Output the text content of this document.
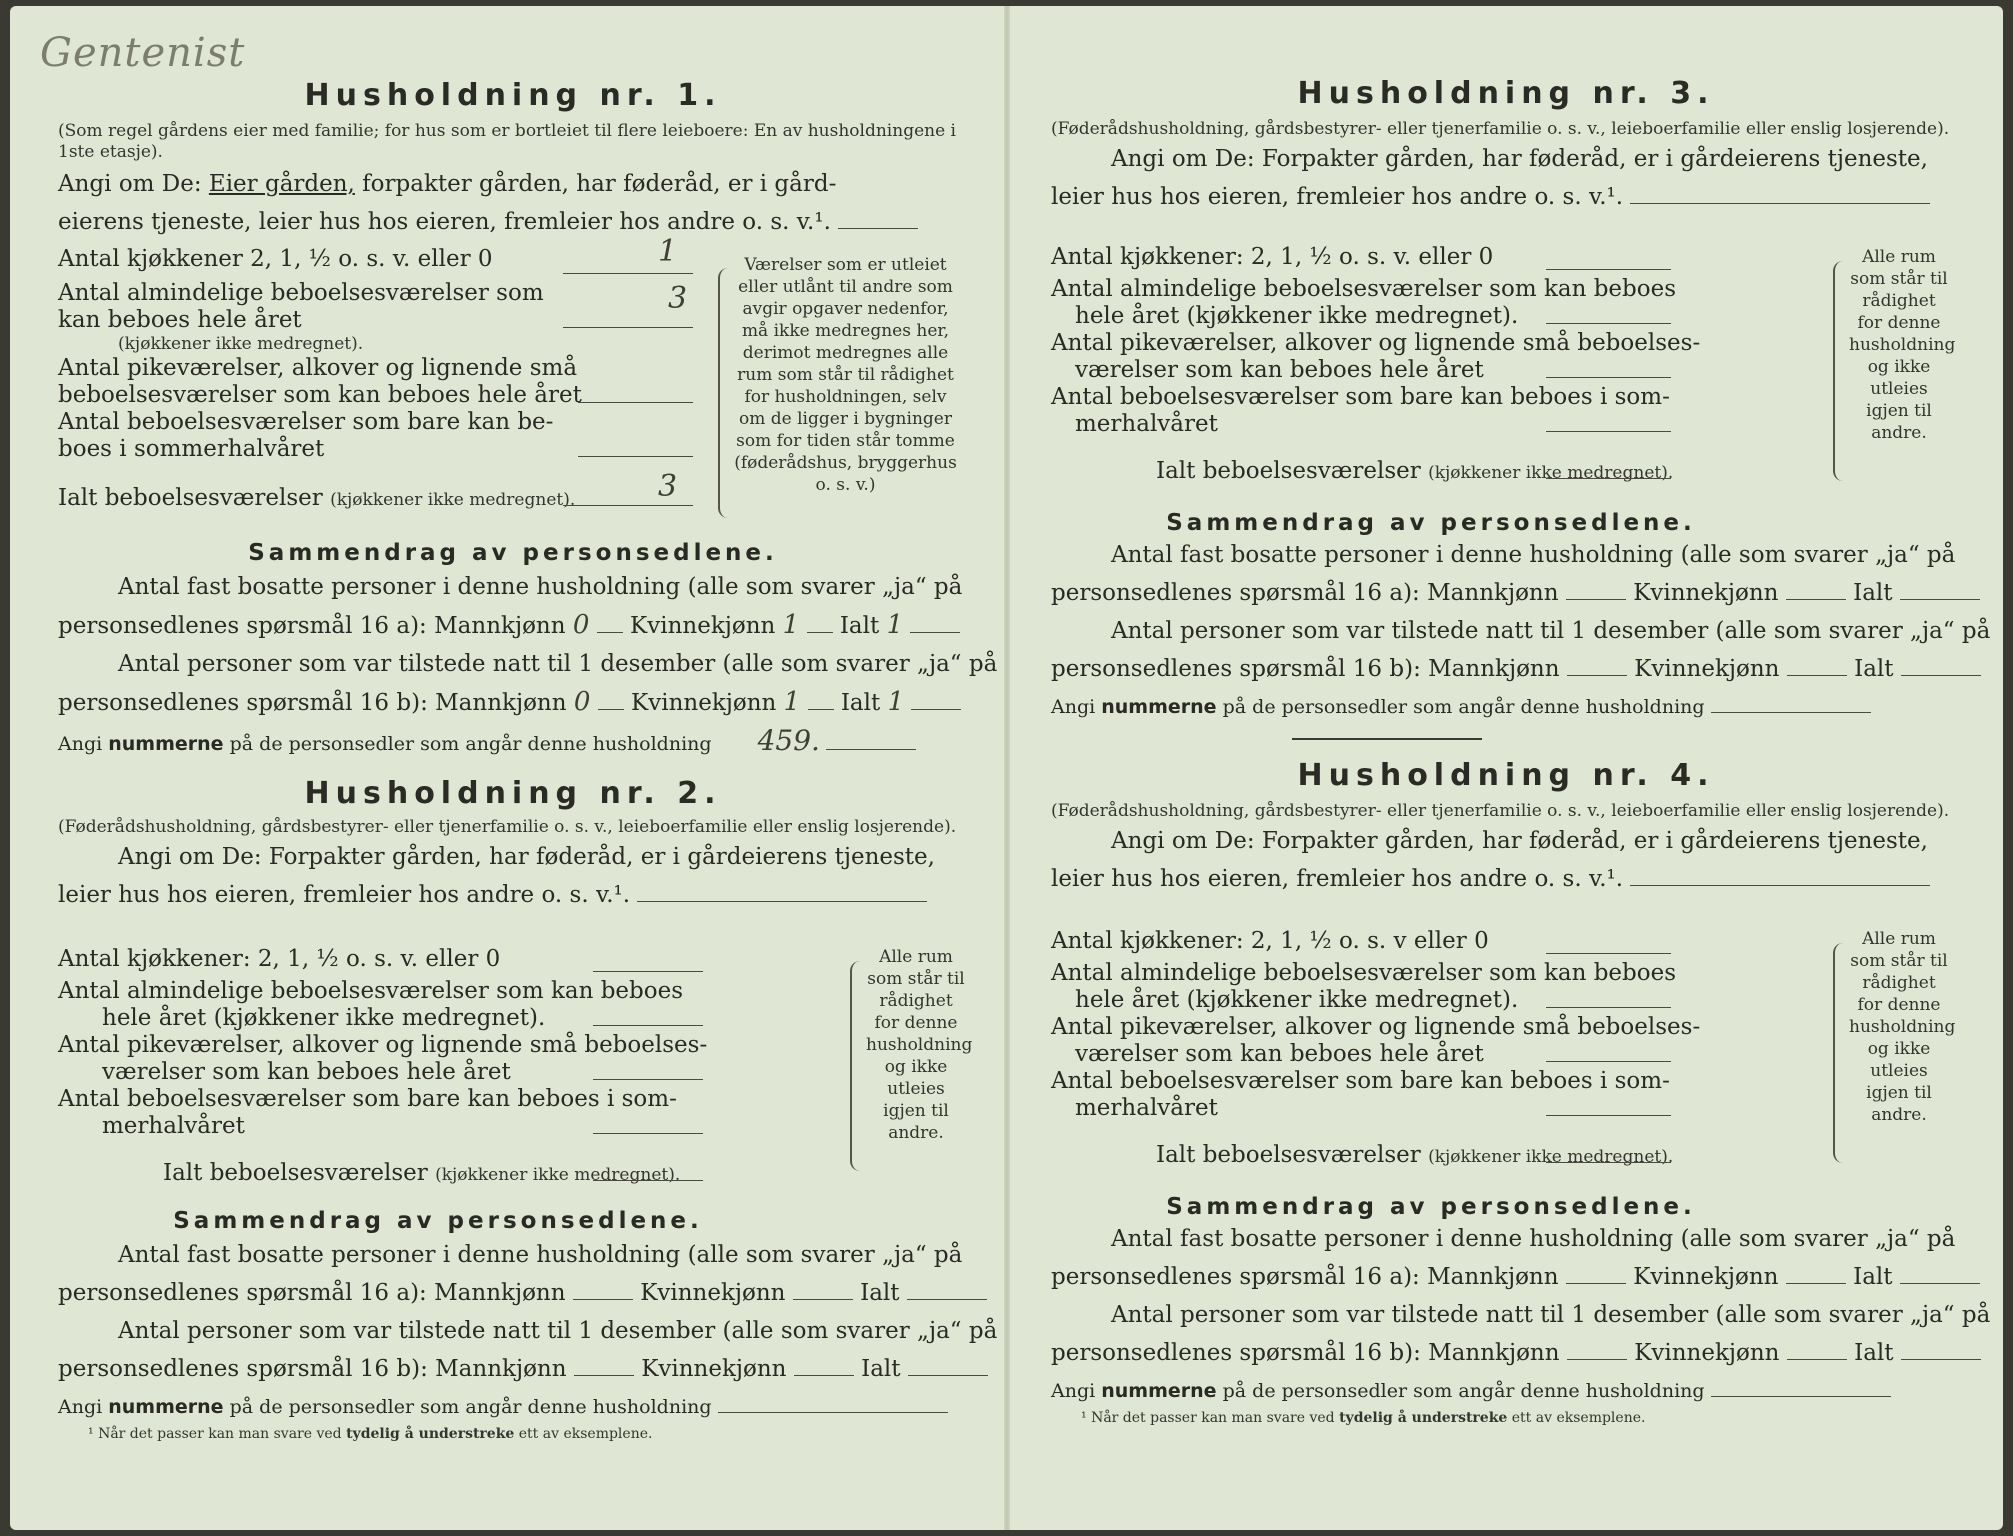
Gentenist
Husholdning nr. 1.
(Som regel gårdens eier med familie; for hus som er bortleiet til flere leieboere: En av husholdningene i 1ste etasje).
Angi om De: Eier gården, forpakter gården, har føderåd, er i gård-
eierens tjeneste, leier hus hos eieren, fremleier hos andre o. s. v.¹.
Antal kjøkkener 2, 1, ½ o. s. v. eller 0	1
Antal almindelige beboelsesværelser som
kan beboes hele året
3
(kjøkkener ikke medregnet).
Antal pikeværelser, alkover og lignende små
beboelsesværelser som kan beboes hele året
Antal beboelsesværelser som bare kan be-
boes i sommerhalvåret
Ialt beboelsesværelser (kjøkkener ikke medregnet).	3
Værelser som er utleiet eller utlånt til andre som avgir opgaver nedenfor, må ikke medregnes her, derimot medregnes alle rum som står til rådighet for husholdningen, selv om de ligger i bygninger som for tiden står tomme (føderådshus, bryggerhus o. s. v.)
Sammendrag av personsedlene.
Antal fast bosatte personer i denne husholdning (alle som svarer „ja“ på
personsedlenes spørsmål 16 a): Mannkjønn 0 Kvinnekjønn 1 Ialt 1
Antal personer som var tilstede natt til 1 desember (alle som svarer „ja“ på
personsedlenes spørsmål 16 b): Mannkjønn 0 Kvinnekjønn 1 Ialt 1
Angi nummerne på de personsedler som angår denne husholdning 459.
Husholdning nr. 2.
(Føderådshusholdning, gårdsbestyrer- eller tjenerfamilie o. s. v., leieboerfamilie eller enslig losjerende).
Angi om De: Forpakter gården, har føderåd, er i gårdeierens tjeneste,
leier hus hos eieren, fremleier hos andre o. s. v.¹.
Antal kjøkkener: 2, 1, ½ o. s. v. eller 0
Antal almindelige beboelsesværelser som kan beboes
hele året (kjøkkener ikke medregnet).
Antal pikeværelser, alkover og lignende små beboelses-
værelser som kan beboes hele året
Antal beboelsesværelser som bare kan beboes i som-
merhalvåret
Ialt beboelsesværelser (kjøkkener ikke medregnet).
Alle rum som står til rådighet for denne husholdning og ikke utleies igjen til andre.
Sammendrag av personsedlene.
Antal fast bosatte personer i denne husholdning (alle som svarer „ja“ på
personsedlenes spørsmål 16 a): Mannkjønn	Kvinnekjønn	Ialt
Antal personer som var tilstede natt til 1 desember (alle som svarer „ja“ på
personsedlenes spørsmål 16 b): Mannkjønn	Kvinnekjønn	Ialt
Angi nummerne på de personsedler som angår denne husholdning
¹ Når det passer kan man svare ved tydelig å understreke ett av eksemplene.
Husholdning nr. 3.
(Føderådshusholdning, gårdsbestyrer- eller tjenerfamilie o. s. v., leieboerfamilie eller enslig losjerende).
Angi om De: Forpakter gården, har føderåd, er i gårdeierens tjeneste,
leier hus hos eieren, fremleier hos andre o. s. v.¹.
Antal kjøkkener: 2, 1, ½ o. s. v. eller 0
Antal almindelige beboelsesværelser som kan beboes
hele året (kjøkkener ikke medregnet).
Antal pikeværelser, alkover og lignende små beboelses-
værelser som kan beboes hele året
Antal beboelsesværelser som bare kan beboes i som-
merhalvåret
Ialt beboelsesværelser (kjøkkener ikke medregnet).
Alle rum som står til rådighet for denne husholdning og ikke utleies igjen til andre.
Sammendrag av personsedlene.
Antal fast bosatte personer i denne husholdning (alle som svarer „ja“ på
personsedlenes spørsmål 16 a): Mannkjønn	Kvinnekjønn	Ialt
Antal personer som var tilstede natt til 1 desember (alle som svarer „ja“ på
personsedlenes spørsmål 16 b): Mannkjønn	Kvinnekjønn	Ialt
Angi nummerne på de personsedler som angår denne husholdning
Husholdning nr. 4.
(Føderådshusholdning, gårdsbestyrer- eller tjenerfamilie o. s. v., leieboerfamilie eller enslig losjerende).
Angi om De: Forpakter gården, har føderåd, er i gårdeierens tjeneste,
leier hus hos eieren, fremleier hos andre o. s. v.¹.
Antal kjøkkener: 2, 1, ½ o. s. v eller 0
Antal almindelige beboelsesværelser som kan beboes
hele året (kjøkkener ikke medregnet).
Antal pikeværelser, alkover og lignende små beboelses-
værelser som kan beboes hele året
Antal beboelsesværelser som bare kan beboes i som-
merhalvåret
Ialt beboelsesværelser (kjøkkener ikke medregnet).
Alle rum som står til rådighet for denne husholdning og ikke utleies igjen til andre.
Sammendrag av personsedlene.
Antal fast bosatte personer i denne husholdning (alle som svarer „ja“ på
personsedlenes spørsmål 16 a): Mannkjønn	Kvinnekjønn	Ialt
Antal personer som var tilstede natt til 1 desember (alle som svarer „ja“ på
personsedlenes spørsmål 16 b): Mannkjønn	Kvinnekjønn	Ialt
Angi nummerne på de personsedler som angår denne husholdning
¹ Når det passer kan man svare ved tydelig å understreke ett av eksemplene.
